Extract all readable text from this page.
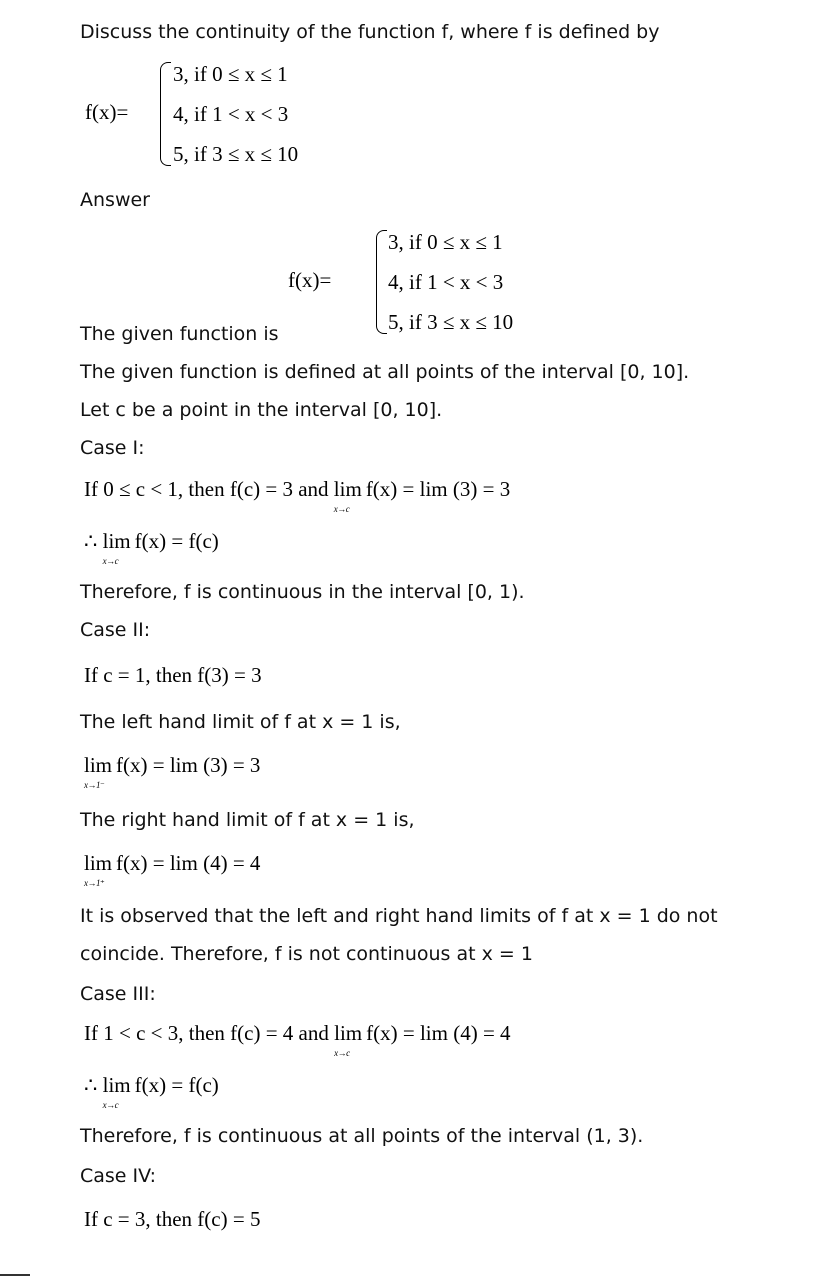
Discuss the continuity of the function f, where f is defined by

f(x)=
3, if 0 ≤ x ≤ 1
4, if 1 < x < 3
5, if 3 ≤ x ≤ 10

Answer

f(x)=
3, if 0 ≤ x ≤ 1
4, if 1 < x < 3
5, if 3 ≤ x ≤ 10

The given function is

The given function is defined at all points of the interval [0, 10].

Let c be a point in the interval [0, 10].

Case I:

If 0 ≤ c < 1, then f(c) = 3 and lim
x→c
f(x) = lim (3) = 3
∴ lim
x→c
f(x) = f(c)

Therefore, f is continuous in the interval [0, 1).

Case II:

If c = 1, then f(3) = 3

The left hand limit of f at x = 1 is,

lim
x→1⁻
f(x) = lim (3) = 3

The right hand limit of f at x = 1 is,

lim
x→1⁺
f(x) = lim (4) = 4

It is observed that the left and right hand limits of f at x = 1 do not

coincide. Therefore, f is not continuous at x = 1

Case III:

If 1 < c < 3, then f(c) = 4 and lim
x→c
f(x) = lim (4) = 4
∴ lim
x→c
f(x) = f(c)

Therefore, f is continuous at all points of the interval (1, 3).

Case IV:

If c = 3, then f(c) = 5
